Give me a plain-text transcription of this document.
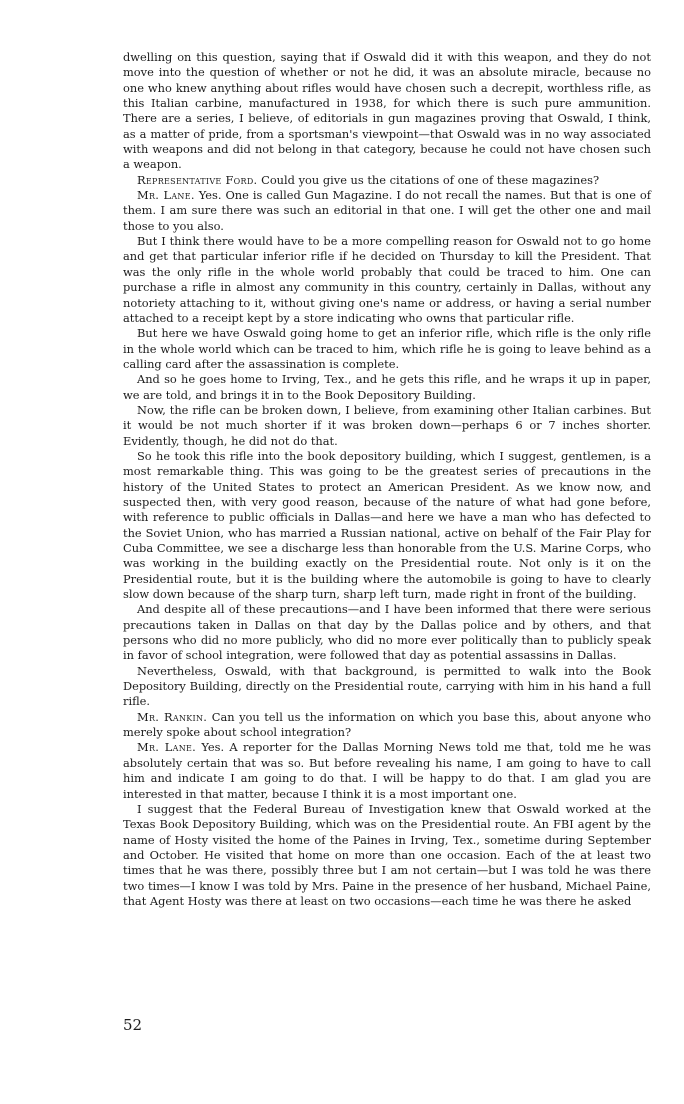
dwelling on this question, saying that if Oswald did it with this weapon, and they do not move into the question of whether or not he did, it was an absolute miracle, because no one who knew anything about rifles would have chosen such a decrepit, worthless rifle, as this Italian carbine, manufactured in 1938, for which there is such pure ammunition. There are a series, I believe, of editorials in gun magazines proving that Oswald, I think, as a matter of pride, from a sportsman's viewpoint—that Oswald was in no way associated with weapons and did not belong in that category, because he could not have chosen such a weapon.

Representative Ford. Could you give us the citations of one of these magazines?

Mr. Lane. Yes. One is called Gun Magazine. I do not recall the names. But that is one of them. I am sure there was such an editorial in that one. I will get the other one and mail those to you also.

But I think there would have to be a more compelling reason for Oswald not to go home and get that particular inferior rifle if he decided on Thursday to kill the President. That was the only rifle in the whole world probably that could be traced to him. One can purchase a rifle in almost any community in this country, certainly in Dallas, without any notoriety attaching to it, without giving one's name or address, or having a serial number attached to a receipt kept by a store indicating who owns that particular rifle.

But here we have Oswald going home to get an inferior rifle, which rifle is the only rifle in the whole world which can be traced to him, which rifle he is going to leave behind as a calling card after the assassination is complete.

And so he goes home to Irving, Tex., and he gets this rifle, and he wraps it up in paper, we are told, and brings it in to the Book Depository Building.

Now, the rifle can be broken down, I believe, from examining other Italian carbines. But it would be not much shorter if it was broken down—perhaps 6 or 7 inches shorter. Evidently, though, he did not do that.

So he took this rifle into the book depository building, which I suggest, gentlemen, is a most remarkable thing. This was going to be the greatest series of precautions in the history of the United States to protect an American President. As we know now, and suspected then, with very good reason, because of the nature of what had gone before, with reference to public officials in Dallas—and here we have a man who has defected to the Soviet Union, who has married a Russian national, active on behalf of the Fair Play for Cuba Committee, we see a discharge less than honorable from the U.S. Marine Corps, who was working in the building exactly on the Presidential route. Not only is it on the Presidential route, but it is the building where the automobile is going to have to clearly slow down because of the sharp turn, sharp left turn, made right in front of the building.

And despite all of these precautions—and I have been informed that there were serious precautions taken in Dallas on that day by the Dallas police and by others, and that persons who did no more publicly, who did no more ever politically than to publicly speak in favor of school integration, were followed that day as potential assassins in Dallas.

Nevertheless, Oswald, with that background, is permitted to walk into the Book Depository Building, directly on the Presidential route, carrying with him in his hand a full rifle.

Mr. Rankin. Can you tell us the information on which you base this, about anyone who merely spoke about school integration?

Mr. Lane. Yes. A reporter for the Dallas Morning News told me that, told me he was absolutely certain that was so. But before revealing his name, I am going to have to call him and indicate I am going to do that. I will be happy to do that. I am glad you are interested in that matter, because I think it is a most important one.

I suggest that the Federal Bureau of Investigation knew that Oswald worked at the Texas Book Depository Building, which was on the Presidential route. An FBI agent by the name of Hosty visited the home of the Paines in Irving, Tex., sometime during September and October. He visited that home on more than one occasion. Each of the at least two times that he was there, possibly three but I am not certain—but I was told he was there two times—I know I was told by Mrs. Paine in the presence of her husband, Michael Paine, that Agent Hosty was there at least on two occasions—each time he was there he asked

52
